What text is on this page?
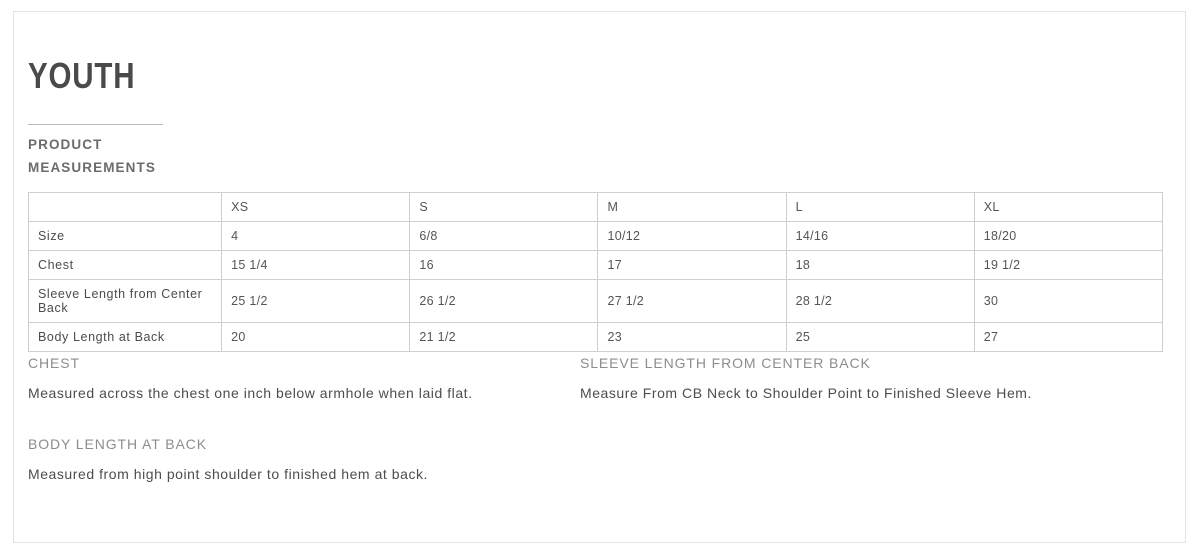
YOUTH
PRODUCT
MEASUREMENTS
	XS	S	M	L	XL
Size	4	6/8	10/12	14/16	18/20
Chest	15 1/4	16	17	18	19 1/2
Sleeve Length from Center Back	25 1/2	26 1/2	27 1/2	28 1/2	30
Body Length at Back	20	21 1/2	23	25	27
CHEST
Measured across the chest one inch below armhole when laid flat.
SLEEVE LENGTH FROM CENTER BACK
Measure From CB Neck to Shoulder Point to Finished Sleeve Hem.
BODY LENGTH AT BACK
Measured from high point shoulder to finished hem at back.
